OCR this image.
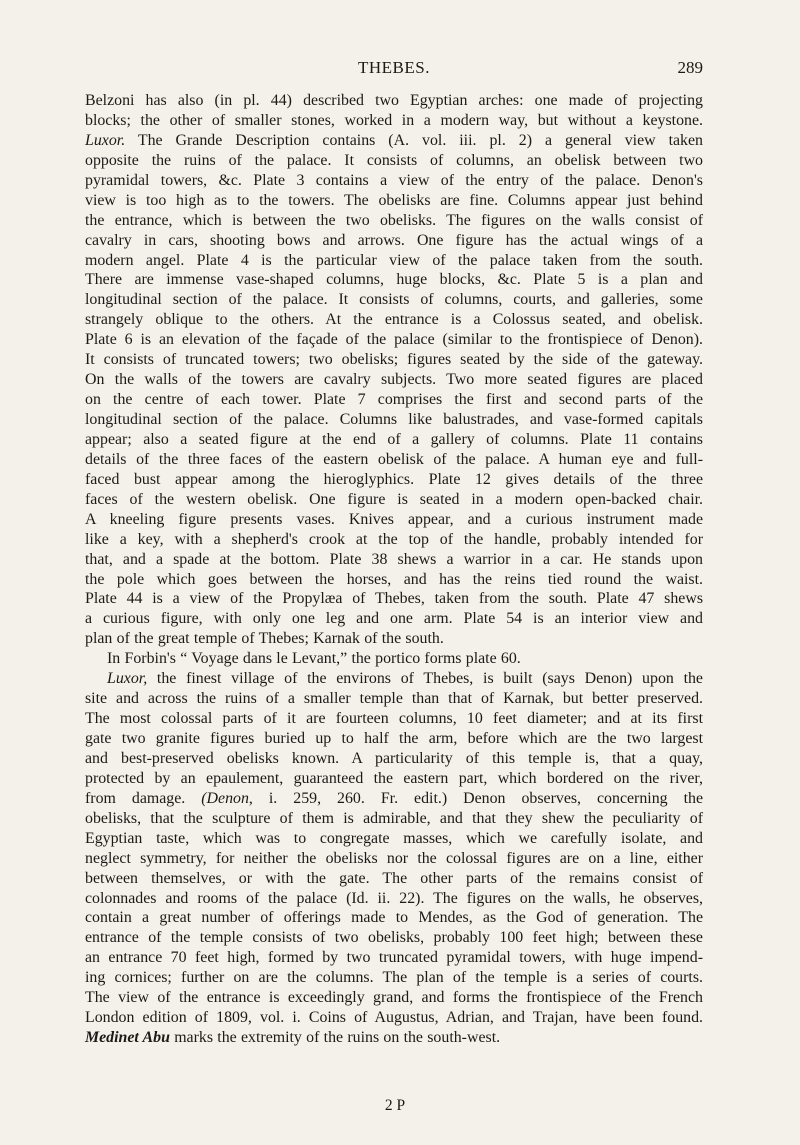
THEBES.	289
Belzoni has also (in pl. 44) described two Egyptian arches: one made of projecting
blocks; the other of smaller stones, worked in a modern way, but without a keystone.
Luxor. The Grande Description contains (A. vol. iii. pl. 2) a general view taken
opposite the ruins of the palace. It consists of columns, an obelisk between two
pyramidal towers, &c. Plate 3 contains a view of the entry of the palace. Denon's
view is too high as to the towers. The obelisks are fine. Columns appear just behind
the entrance, which is between the two obelisks. The figures on the walls consist of
cavalry in cars, shooting bows and arrows. One figure has the actual wings of a
modern angel. Plate 4 is the particular view of the palace taken from the south.
There are immense vase-shaped columns, huge blocks, &c. Plate 5 is a plan and
longitudinal section of the palace. It consists of columns, courts, and galleries, some
strangely oblique to the others. At the entrance is a Colossus seated, and obelisk.
Plate 6 is an elevation of the façade of the palace (similar to the frontispiece of Denon).
It consists of truncated towers; two obelisks; figures seated by the side of the gateway.
On the walls of the towers are cavalry subjects. Two more seated figures are placed
on the centre of each tower. Plate 7 comprises the first and second parts of the
longitudinal section of the palace. Columns like balustrades, and vase-formed capitals
appear; also a seated figure at the end of a gallery of columns. Plate 11 contains
details of the three faces of the eastern obelisk of the palace. A human eye and full-
faced bust appear among the hieroglyphics. Plate 12 gives details of the three
faces of the western obelisk. One figure is seated in a modern open-backed chair.
A kneeling figure presents vases. Knives appear, and a curious instrument made
like a key, with a shepherd's crook at the top of the handle, probably intended for
that, and a spade at the bottom. Plate 38 shews a warrior in a car. He stands upon
the pole which goes between the horses, and has the reins tied round the waist.
Plate 44 is a view of the Propylæa of Thebes, taken from the south. Plate 47 shews
a curious figure, with only one leg and one arm. Plate 54 is an interior view and
plan of the great temple of Thebes; Karnak of the south.
In Forbin's “ Voyage dans le Levant,” the portico forms plate 60.
Luxor, the finest village of the environs of Thebes, is built (says Denon) upon the
site and across the ruins of a smaller temple than that of Karnak, but better preserved.
The most colossal parts of it are fourteen columns, 10 feet diameter; and at its first
gate two granite figures buried up to half the arm, before which are the two largest
and best-preserved obelisks known. A particularity of this temple is, that a quay,
protected by an epaulement, guaranteed the eastern part, which bordered on the river,
from damage. (Denon, i. 259, 260. Fr. edit.) Denon observes, concerning the
obelisks, that the sculpture of them is admirable, and that they shew the peculiarity of
Egyptian taste, which was to congregate masses, which we carefully isolate, and
neglect symmetry, for neither the obelisks nor the colossal figures are on a line, either
between themselves, or with the gate. The other parts of the remains consist of
colonnades and rooms of the palace (Id. ii. 22). The figures on the walls, he observes,
contain a great number of offerings made to Mendes, as the God of generation. The
entrance of the temple consists of two obelisks, probably 100 feet high; between these
an entrance 70 feet high, formed by two truncated pyramidal towers, with huge impend-
ing cornices; further on are the columns. The plan of the temple is a series of courts.
The view of the entrance is exceedingly grand, and forms the frontispiece of the French
London edition of 1809, vol. i. Coins of Augustus, Adrian, and Trajan, have been found.
Medinet Abu marks the extremity of the ruins on the south-west.
2 P
